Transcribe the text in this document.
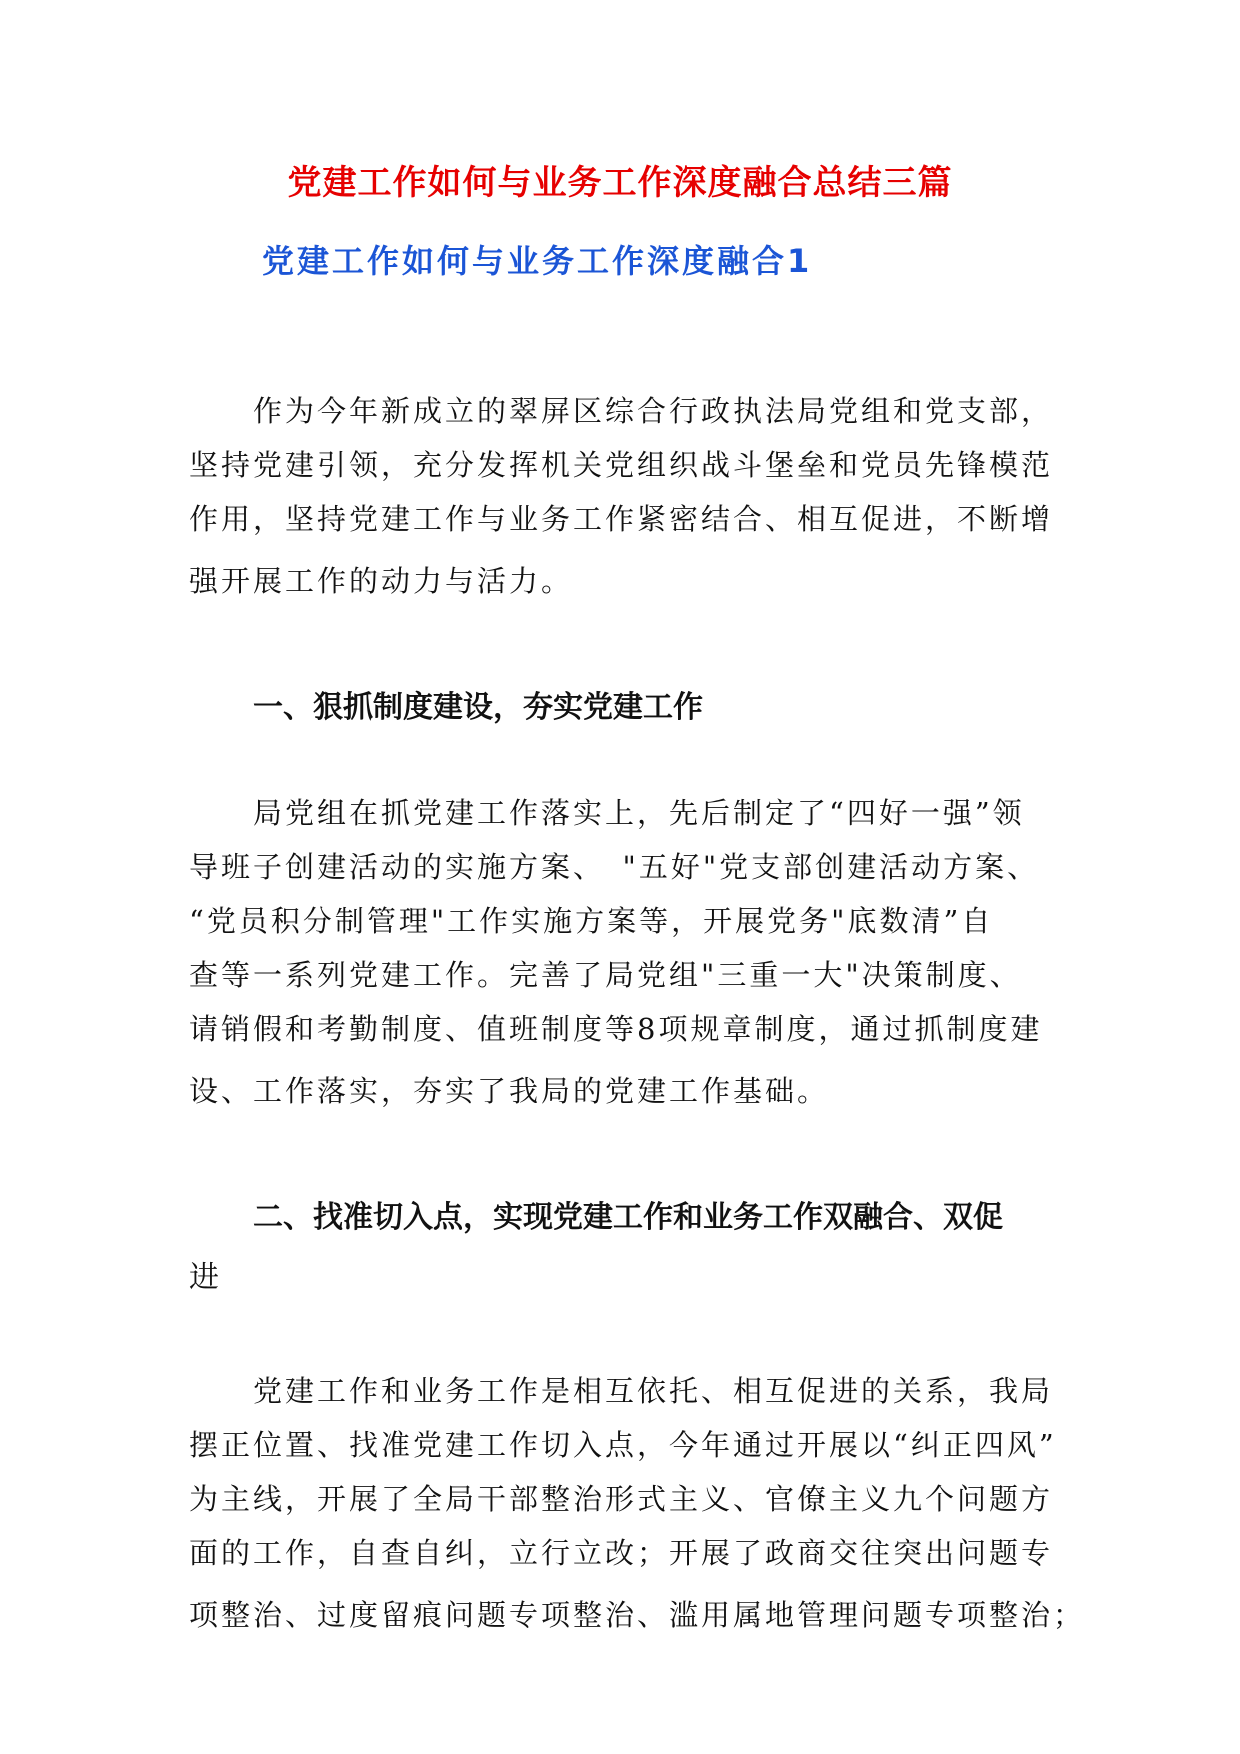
党建工作如何与业务工作深度融合总结三篇
党建工作如何与业务工作深度融合1
作为今年新成立的翠屏区综合行政执法局党组和党支部，
坚持党建引领，充分发挥机关党组织战斗堡垒和党员先锋模范
作用，坚持党建工作与业务工作紧密结合、相互促进，不断增
强开展工作的动力与活力。
一、狠抓制度建设，夯实党建工作
局党组在抓党建工作落实上，先后制定了“四好一强”领
导班子创建活动的实施方案、　"五好"党支部创建活动方案、
“党员积分制管理"工作实施方案等，开展党务"底数清”自
查等一系列党建工作。完善了局党组"三重一大"决策制度、
请销假和考勤制度、值班制度等8项规章制度，通过抓制度建
设、工作落实，夯实了我局的党建工作基础。
二、找准切入点，实现党建工作和业务工作双融合、双促
进
党建工作和业务工作是相互依托、相互促进的关系，我局
摆正位置、找准党建工作切入点，今年通过开展以“纠正四风”
为主线，开展了全局干部整治形式主义、官僚主义九个问题方
面的工作，自查自纠，立行立改；开展了政商交往突出问题专
项整治、过度留痕问题专项整治、滥用属地管理问题专项整治；
